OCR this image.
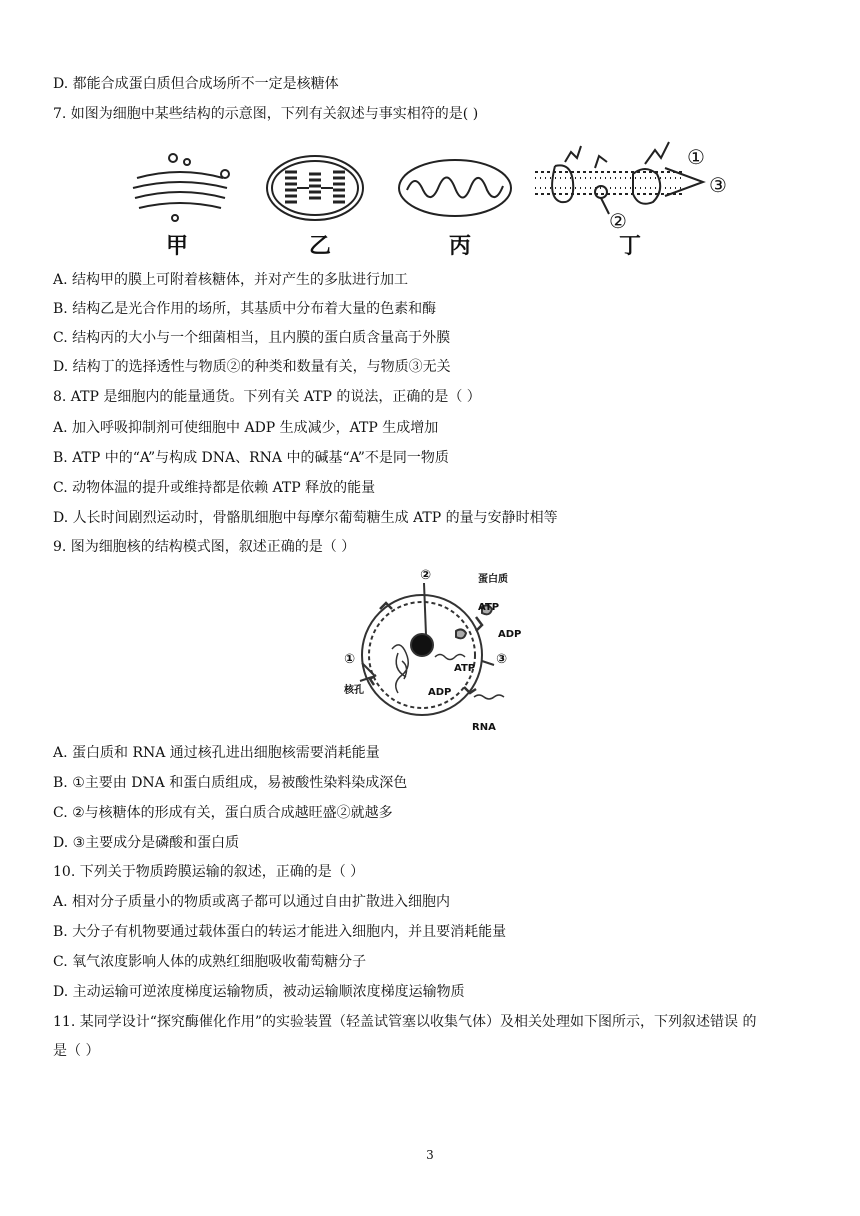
D. 都能合成蛋白质但合成场所不一定是核糖体
7. 如图为细胞中某些结构的示意图，下列有关叙述与事实相符的是( )
甲	乙	丙	丁
①
②
③
A. 结构甲的膜上可附着核糖体，并对产生的多肽进行加工
B. 结构乙是光合作用的场所，其基质中分布着大量的色素和酶
C. 结构丙的大小与一个细菌相当，且内膜的蛋白质含量高于外膜
D. 结构丁的选择透性与物质②的种类和数量有关，与物质③无关
8. ATP 是细胞内的能量通货。下列有关 ATP 的说法，正确的是（ ）
A. 加入呼吸抑制剂可使细胞中 ADP 生成减少，ATP 生成增加
B. ATP 中的“A”与构成 DNA、RNA 中的碱基“A”不是同一物质
C. 动物体温的提升或维持都是依赖 ATP 释放的能量
D. 人长时间剧烈运动时，骨骼肌细胞中每摩尔葡萄糖生成 ATP 的量与安静时相等
9. 图为细胞核的结构模式图，叙述正确的是（ ）
②	蛋白质
ATP
ADP
①	③
ATP
ADP
核孔
RNA
A. 蛋白质和 RNA 通过核孔进出细胞核需要消耗能量
B. ①主要由 DNA 和蛋白质组成，易被酸性染料染成深色
C. ②与核糖体的形成有关，蛋白质合成越旺盛②就越多
D. ③主要成分是磷酸和蛋白质
10. 下列关于物质跨膜运输的叙述，正确的是（ ）
A. 相对分子质量小的物质或离子都可以通过自由扩散进入细胞内
B. 大分子有机物要通过载体蛋白的转运才能进入细胞内，并且要消耗能量
C. 氧气浓度影响人体的成熟红细胞吸收葡萄糖分子
D. 主动运输可逆浓度梯度运输物质，被动运输顺浓度梯度运输物质
11. 某同学设计“探究酶催化作用”的实验装置（轻盖试管塞以收集气体）及相关处理如下图所示，下列叙述错误 的
是（ ）
3
